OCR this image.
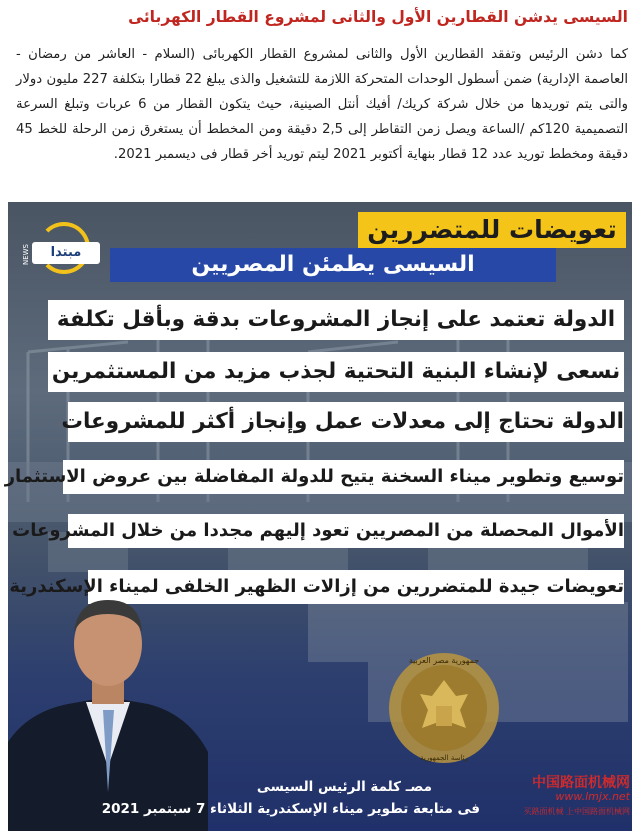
السيسى يدشن القطارين الأول والثانى لمشروع القطار الكهربائى
كما دشن الرئيس وتفقد القطارين الأول والثانى لمشروع القطار الكهربائى (السلام - العاشر من رمضان - العاصمة الإدارية) ضمن أسطول الوحدات المتحركة اللازمة للتشغيل والذى يبلغ 22 قطارا بتكلفة 227 مليون دولار والتى يتم توريدها من خلال شركة كريك/ أفيك أنتل الصينية، حيث يتكون القطار من 6 عربات وتبلغ السرعة التصميمية 120كم /الساعة ويصل زمن التقاطر إلى 2,5 دقيقة ومن المخطط أن يستغرق زمن الرحلة للخط 45 دقيقة ومخطط توريد عدد 12 قطار بنهاية أكتوبر 2021 ليتم توريد أخر قطار فى ديسمبر 2021.
NEWS	مبتدا
تعويضات للمتضررين
السيسى يطمئن المصريين
الدولة تعتمد على إنجاز المشروعات بدقة وبأقل تكلفة
نسعى لإنشاء البنية التحتية لجذب مزيد من المستثمرين
الدولة تحتاج إلى معدلات عمل وإنجاز أكثر للمشروعات
توسيع وتطوير ميناء السخنة يتيح للدولة المفاضلة بين عروض الاستثمار
الأموال المحصلة من المصريين تعود إليهم مجددا من خلال المشروعات
تعويضات جيدة للمتضررين من إزالات الظهير الخلفى لميناء الإسكندرية
جمهورية مصر العربية
رئاسة الجمهورية
مصـ كلمة الرئيس السيسى
فى متابعة تطوير ميناء الإسكندرية الثلاثاء 7 سبتمبر 2021
中国路面机械网
www.lmjx.net
买路面机械 上中国路面机械网
